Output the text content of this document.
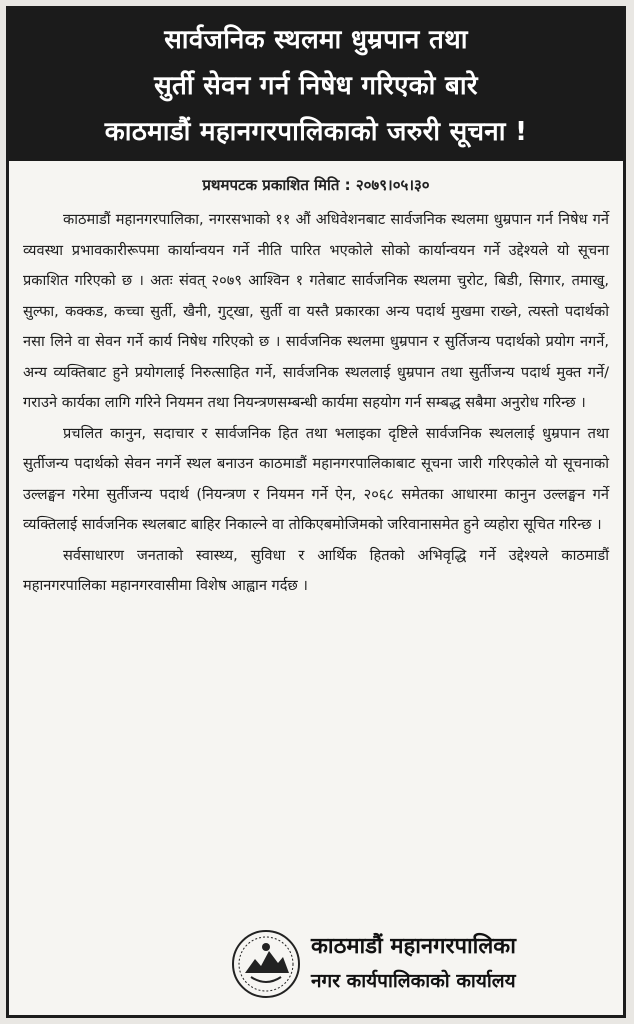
सार्वजनिक स्थलमा धुम्रपान तथा
सुर्ती सेवन गर्न निषेध गरिएको बारे
काठमाडौं महानगरपालिकाको जरुरी सूचना !
प्रथमपटक प्रकाशित मिति : २०७९।०५।३०

काठमाडौं महानगरपालिका, नगरसभाको ११ औं अधिवेशनबाट सार्वजनिक स्थलमा धुम्रपान गर्न निषेध गर्ने व्यवस्था प्रभावकारीरूपमा कार्यान्वयन गर्ने नीति पारित भएकोले सोको कार्यान्वयन गर्ने उद्देश्यले यो सूचना प्रकाशित गरिएको छ । अतः संवत् २०७९ आश्विन १ गतेबाट सार्वजनिक स्थलमा चुरोट, बिडी, सिगार, तमाखु, सुल्फा, कक्कड, कच्चा सुर्ती, खैनी, गुट्खा, सुर्ती वा यस्तै प्रकारका अन्य पदार्थ मुखमा राख्ने, त्यस्तो पदार्थको नसा लिने वा सेवन गर्ने कार्य निषेध गरिएको छ । सार्वजनिक स्थलमा धुम्रपान र सुर्तिजन्य पदार्थको प्रयोग नगर्ने, अन्य व्यक्तिबाट हुने प्रयोगलाई निरुत्साहित गर्ने, सार्वजनिक स्थललाई धुम्रपान तथा सुर्तीजन्य पदार्थ मुक्त गर्ने/गराउने कार्यका लागि गरिने नियमन तथा नियन्त्रणसम्बन्धी कार्यमा सहयोग गर्न सम्बद्ध सबैमा अनुरोध गरिन्छ ।

प्रचलित कानुन, सदाचार र सार्वजनिक हित तथा भलाइका दृष्टिले सार्वजनिक स्थललाई धुम्रपान तथा सुर्तीजन्य पदार्थको सेवन नगर्ने स्थल बनाउन काठमाडौं महानगरपालिकाबाट सूचना जारी गरिएकोले यो सूचनाको उल्लङ्घन गरेमा सुर्तीजन्य पदार्थ (नियन्त्रण र नियमन गर्ने ऐन, २०६८ समेतका आधारमा कानुन उल्लङ्घन गर्ने व्यक्तिलाई सार्वजनिक स्थलबाट बाहिर निकाल्ने वा तोकिएबमोजिमको जरिवानासमेत हुने व्यहोरा सूचित गरिन्छ ।

सर्वसाधारण जनताको स्वास्थ्य, सुविधा र आर्थिक हितको अभिवृद्धि गर्ने उद्देश्यले काठमाडौं महानगरपालिका महानगरवासीमा विशेष आह्वान गर्दछ ।

काठमाडौं महानगरपालिका
नगर कार्यपालिकाको कार्यालय
